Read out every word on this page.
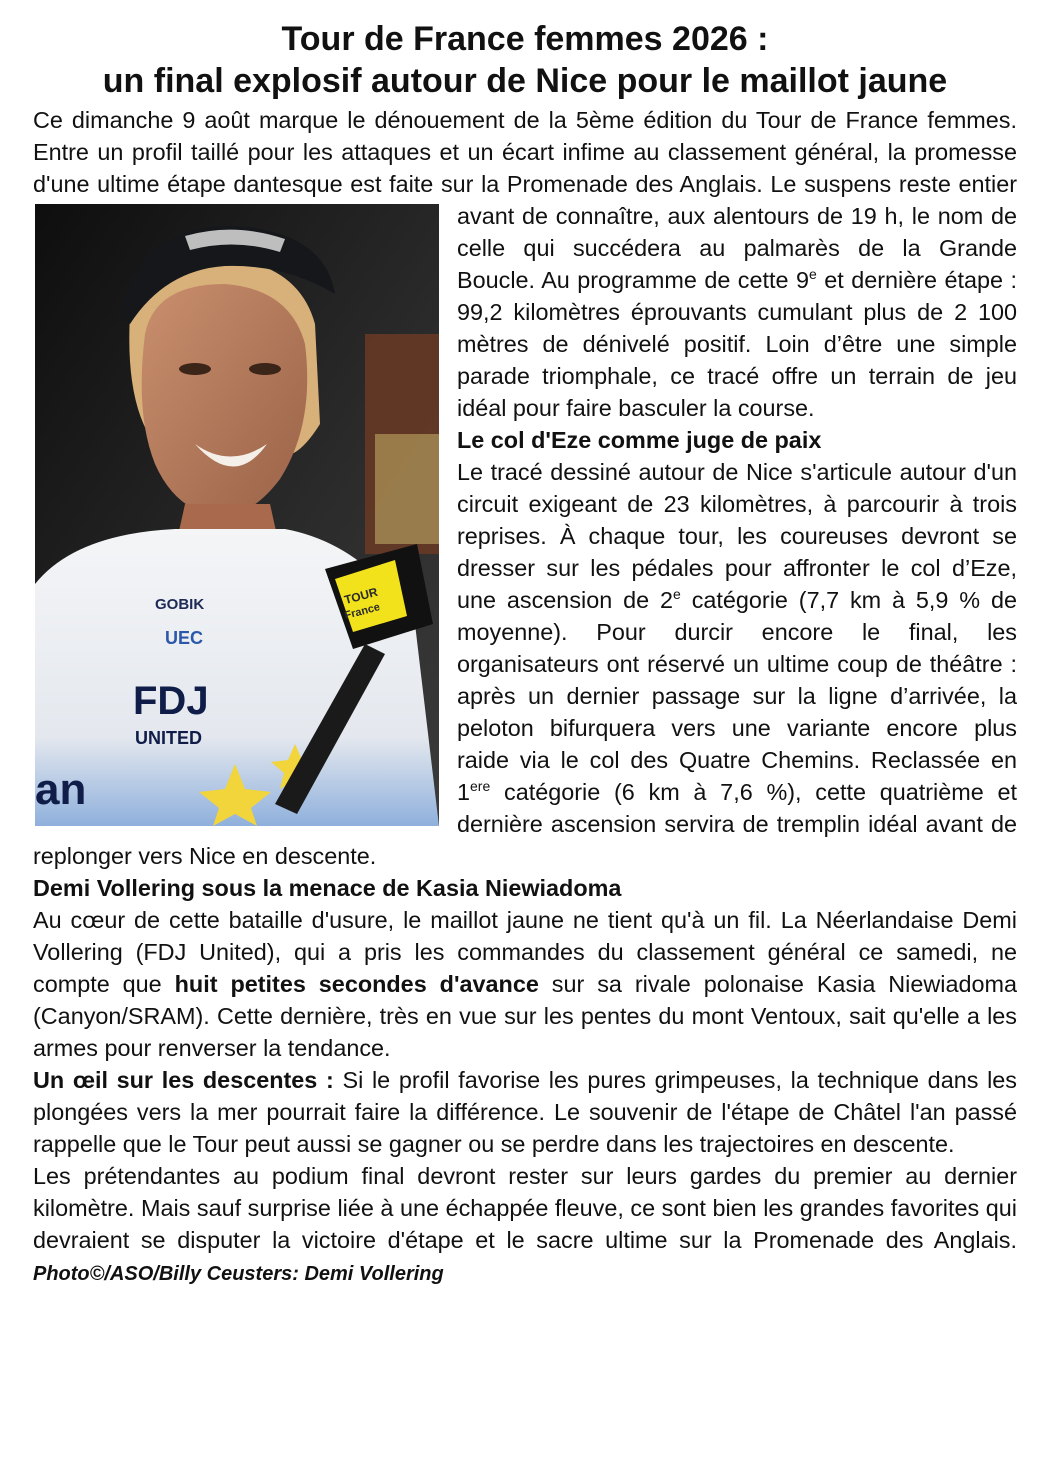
Tour de France femmes 2026 :
un final explosif autour de Nice pour le maillot jaune

GOBIK
UEC
FDJ
UNITED
an
TOUR
France
Ce dimanche 9 août marque le dénouement de la 5ème édition du Tour de France femmes. Entre un profil taillé pour les attaques et un écart infime au classement général, la promesse d'une ultime étape dantesque est faite sur la Promenade des Anglais. Le suspens reste entier avant de connaître, aux alentours de 19 h, le nom de celle qui succédera au palmarès de la Grande Boucle. Au programme de cette 9e et dernière étape : 99,2 kilomètres éprouvants cumulant plus de 2 100 mètres de dénivelé positif. Loin d’être une simple parade triomphale, ce tracé offre un terrain de jeu idéal pour faire basculer la course.

Le col d'Eze comme juge de paix

Le tracé dessiné autour de Nice s'articule autour d'un circuit exigeant de 23 kilomètres, à parcourir à trois reprises. À chaque tour, les coureuses devront se dresser sur les pédales pour affronter le col d’Eze, une ascension de 2e catégorie (7,7 km à 5,9 % de moyenne). Pour durcir encore le final, les organisateurs ont réservé un ultime coup de théâtre : après un dernier passage sur la ligne d’arrivée, la peloton bifurquera vers une variante encore plus raide via le col des Quatre Chemins. Reclassée en 1ere catégorie (6 km à 7,6 %), cette quatrième et dernière ascension servira de tremplin idéal avant de replonger vers Nice en descente.

Demi Vollering sous la menace de Kasia Niewiadoma

Au cœur de cette bataille d'usure, le maillot jaune ne tient qu'à un fil. La Néerlandaise Demi Vollering (FDJ United), qui a pris les commandes du classement général ce samedi, ne compte que huit petites secondes d'avance sur sa rivale polonaise Kasia Niewiadoma (Canyon/SRAM). Cette dernière, très en vue sur les pentes du mont Ventoux, sait qu'elle a les armes pour renverser la tendance.

Un œil sur les descentes : Si le profil favorise les pures grimpeuses, la technique dans les plongées vers la mer pourrait faire la différence. Le souvenir de l'étape de Châtel l'an passé rappelle que le Tour peut aussi se gagner ou se perdre dans les trajectoires en descente.

Les prétendantes au podium final devront rester sur leurs gardes du premier au dernier kilomètre. Mais sauf surprise liée à une échappée fleuve, ce sont bien les grandes favorites qui devraient se disputer la victoire d'étape et le sacre ultime sur la Promenade des Anglais. Photo©/ASO/Billy Ceusters: Demi Vollering
